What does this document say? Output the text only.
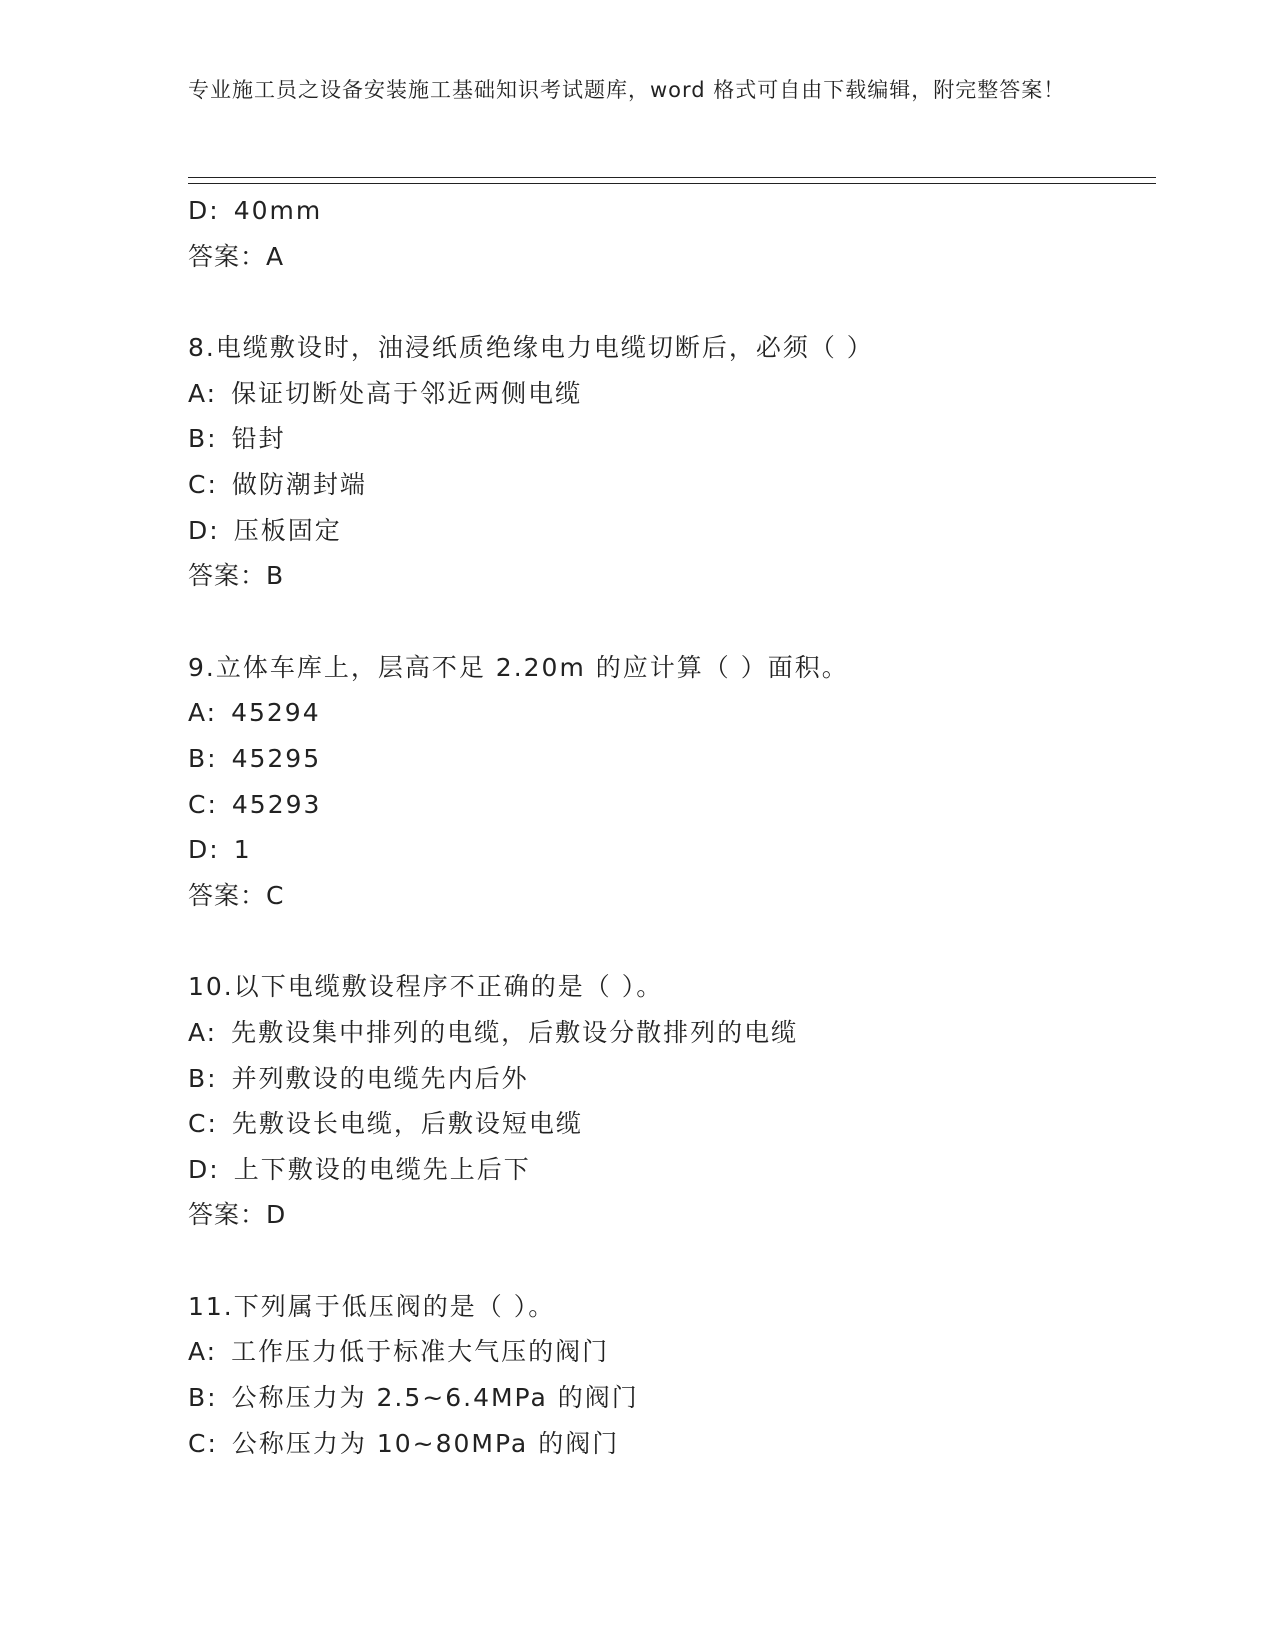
专业施工员之设备安装施工基础知识考试题库，word 格式可自由下载编辑，附完整答案！
D: 40mm
答案：A
8.电缆敷设时，油浸纸质绝缘电力电缆切断后，必须（ ）
A: 保证切断处高于邻近两侧电缆
B: 铅封
C: 做防潮封端
D: 压板固定
答案：B
9.立体车库上，层高不足 2.20m 的应计算（ ）面积。
A: 45294
B: 45295
C: 45293
D: 1
答案：C
10.以下电缆敷设程序不正确的是（ ）。
A: 先敷设集中排列的电缆，后敷设分散排列的电缆
B: 并列敷设的电缆先内后外
C: 先敷设长电缆，后敷设短电缆
D: 上下敷设的电缆先上后下
答案：D
11.下列属于低压阀的是（ ）。
A: 工作压力低于标准大气压的阀门
B: 公称压力为 2.5~6.4MPa 的阀门
C: 公称压力为 10~80MPa 的阀门
